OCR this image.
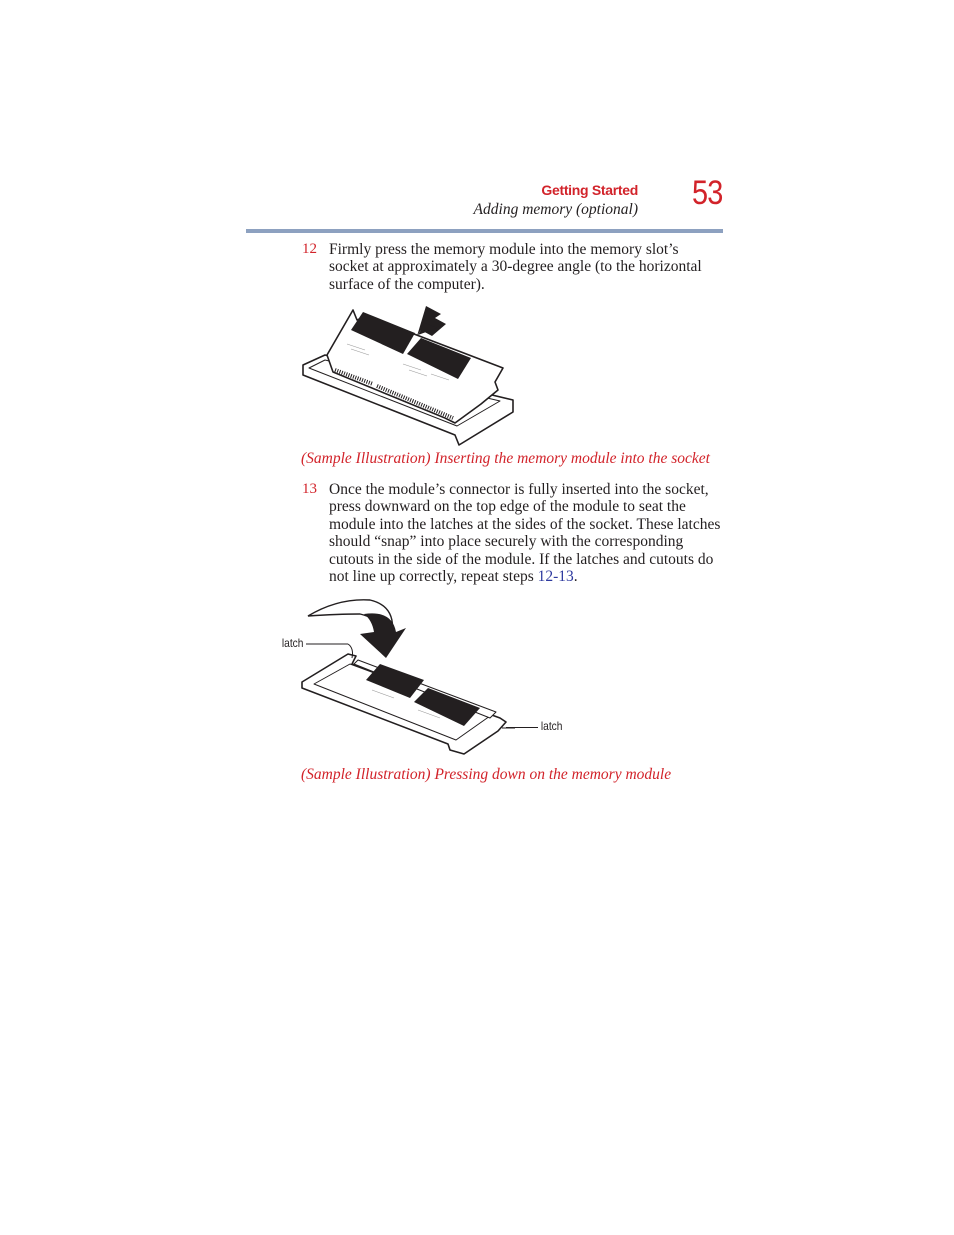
Getting Started
Adding memory (optional) 53
12 Firmly press the memory module into the memory slot’s socket at approximately a 30-degree angle (to the horizontal surface of the computer).
(Sample Illustration) Inserting the memory module into the socket
13 Once the module’s connector is fully inserted into the socket, press downward on the top edge of the module to seat the module into the latches at the sides of the socket. These latches should “snap” into place securely with the corresponding cutouts in the side of the module. If the latches and cutouts do not line up correctly, repeat steps 12-13.
latch
latch
(Sample Illustration) Pressing down on the memory module
